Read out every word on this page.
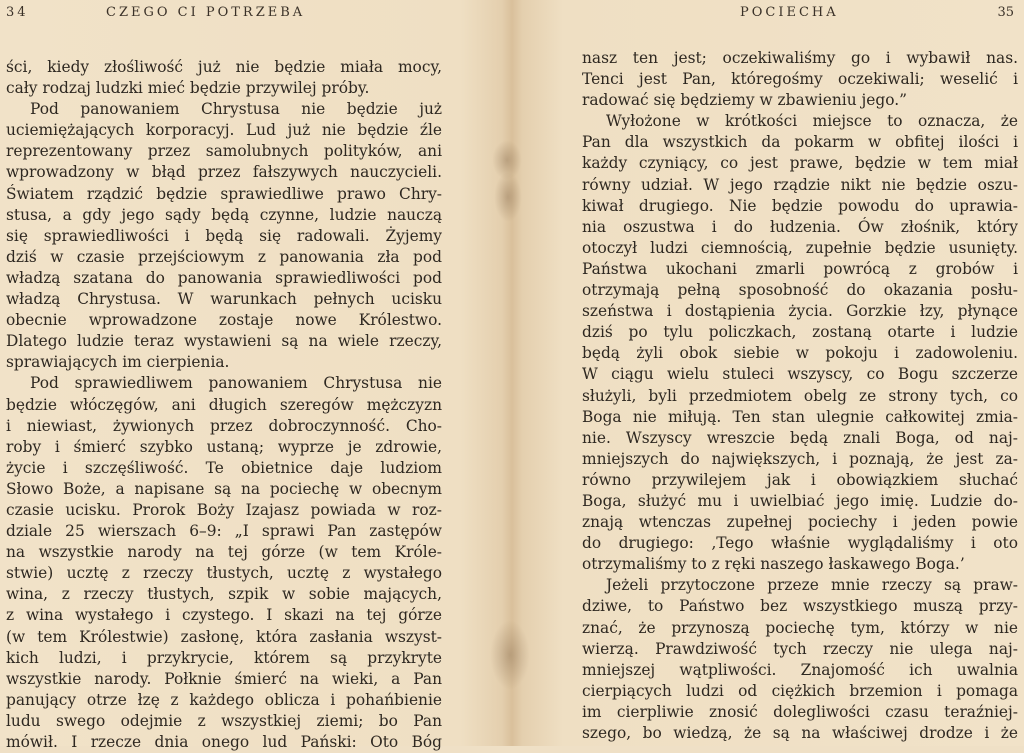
34	CZEGO CI POTRZEBA
ści, kiedy złośliwość już nie będzie miała mocy,
cały rodzaj ludzki mieć będzie przywilej próby.
Pod panowaniem Chrystusa nie będzie już
uciemiężających korporacyj. Lud już nie będzie źle
reprezentowany przez samolubnych polityków, ani
wprowadzony w błąd przez fałszywych nauczycieli.
Światem rządzić będzie sprawiedliwe prawo Chry-
stusa, a gdy jego sądy będą czynne, ludzie nauczą
się sprawiedliwości i będą się radowali. Żyjemy
dziś w czasie przejściowym z panowania zła pod
władzą szatana do panowania sprawiedliwości pod
władzą Chrystusa. W warunkach pełnych ucisku
obecnie wprowadzone zostaje nowe Królestwo.
Dlatego ludzie teraz wystawieni są na wiele rzeczy,
sprawiających im cierpienia.
Pod sprawiedliwem panowaniem Chrystusa nie
będzie włóczęgów, ani długich szeregów mężczyzn
i niewiast, żywionych przez dobroczynność. Cho-
roby i śmierć szybko ustaną; wyprze je zdrowie,
życie i szczęśliwość. Te obietnice daje ludziom
Słowo Boże, a napisane są na pociechę w obecnym
czasie ucisku. Prorok Boży Izajasz powiada w roz-
dziale 25 wierszach 6–9: „I sprawi Pan zastępów
na wszystkie narody na tej górze (w tem Króle-
stwie) ucztę z rzeczy tłustych, ucztę z wystałego
wina, z rzeczy tłustych, szpik w sobie mających,
z wina wystałego i czystego. I skazi na tej górze
(w tem Królestwie) zasłonę, która zasłania wszyst-
kich ludzi, i przykrycie, którem są przykryte
wszystkie narody. Połknie śmierć na wieki, a Pan
panujący otrze łzę z każdego oblicza i pohańbienie
ludu swego odejmie z wszystkiej ziemi; bo Pan
mówił. I rzecze dnia onego lud Pański: Oto Bóg
POCIECHA	35
nasz ten jest; oczekiwaliśmy go i wybawił nas.
Tenci jest Pan, któregośmy oczekiwali; weselić i
radować się będziemy w zbawieniu jego.”
Wyłożone w krótkości miejsce to oznacza, że
Pan dla wszystkich da pokarm w obfitej ilości i
każdy czyniący, co jest prawe, będzie w tem miał
równy udział. W jego rządzie nikt nie będzie oszu-
kiwał drugiego. Nie będzie powodu do uprawia-
nia oszustwa i do łudzenia. Ów złośnik, który
otoczył ludzi ciemnością, zupełnie będzie usunięty.
Państwa ukochani zmarli powrócą z grobów i
otrzymają pełną sposobność do okazania posłu-
szeństwa i dostąpienia życia. Gorzkie łzy, płynące
dziś po tylu policzkach, zostaną otarte i ludzie
będą żyli obok siebie w pokoju i zadowoleniu.
W ciągu wielu stuleci wszyscy, co Bogu szczerze
służyli, byli przedmiotem obelg ze strony tych, co
Boga nie miłują. Ten stan ulegnie całkowitej zmia-
nie. Wszyscy wreszcie będą znali Boga, od naj-
mniejszych do największych, i poznają, że jest za-
równo przywilejem jak i obowiązkiem słuchać
Boga, służyć mu i uwielbiać jego imię. Ludzie do-
znają wtenczas zupełnej pociechy i jeden powie
do drugiego: ‚Tego właśnie wyglądaliśmy i oto
otrzymaliśmy to z ręki naszego łaskawego Boga.’
Jeżeli przytoczone przeze mnie rzeczy są praw-
dziwe, to Państwo bez wszystkiego muszą przy-
znać, że przynoszą pociechę tym, którzy w nie
wierzą. Prawdziwość tych rzeczy nie ulega naj-
mniejszej wątpliwości. Znajomość ich uwalnia
cierpiących ludzi od ciężkich brzemion i pomaga
im cierpliwie znosić dolegliwości czasu teraźniej-
szego, bo wiedzą, że są na właściwej drodze i że
